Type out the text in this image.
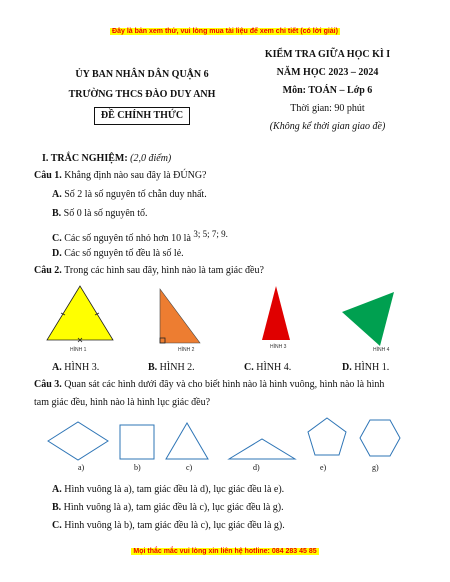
Đây là bản xem thử, vui lòng mua tài liệu để xem chi tiết (có lời giải)
ỦY BAN NHÂN DÂN QUẬN 6
TRƯỜNG THCS ĐÀO DUY ANH
ĐỀ CHÍNH THỨC
KIỂM TRA GIỮA HỌC KÌ I
NĂM HỌC 2023 – 2024
Môn: TOÁN – Lớp 6
Thời gian: 90 phút
(Không kể thời gian giao đề)
I. TRẮC NGHIỆM: (2,0 điểm)
Câu 1. Khẳng định nào sau đây là ĐÚNG?
A. Số 2 là số nguyên tố chẵn duy nhất.
B. Số 0 là số nguyên tố.
C. Các số nguyên tố nhỏ hơn 10 là 3; 5; 7; 9.
D. Các số nguyên tố đều là số lẻ.
Câu 2. Trong các hình sau đây, hình nào là tam giác đều?
HÌNH 1	HÌNH 2	HÌNH 3	HÌNH 4
A. HÌNH 3.	B. HÌNH 2.	C. HÌNH 4.	D. HÌNH 1.
Câu 3. Quan sát các hình dưới đây và cho biết hình nào là hình vuông, hình nào là hình
tam giác đều, hình nào là hình lục giác đều?
a)	b)	c)	d)	e)	g)
A. Hình vuông là a), tam giác đều là d), lục giác đều là e).
B. Hình vuông là a), tam giác đều là c), lục giác đều là g).
C. Hình vuông là b), tam giác đều là c), lục giác đều là g).
Mọi thắc mắc vui lòng xin liên hệ hotline: 084 283 45 85
